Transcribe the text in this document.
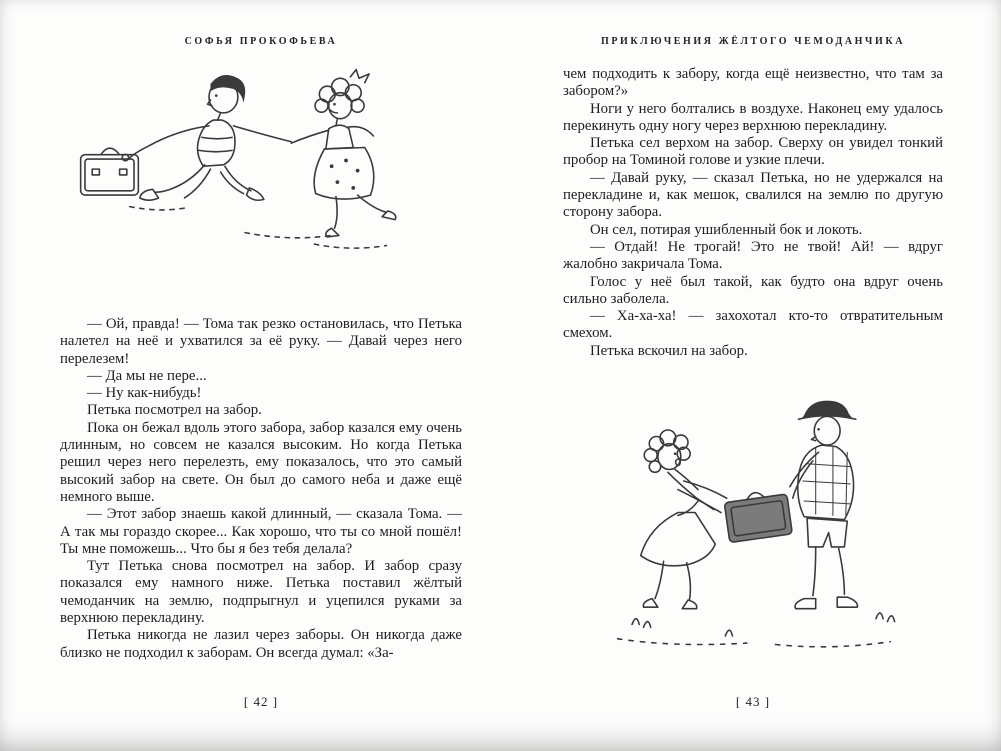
СОФЬЯ ПРОКОФЬЕВА

— Ой, правда! — Тома так резко остановилась, что Петька налетел на неё и ухватился за её руку. — Давай через него перелезем!

— Да мы не пере...

— Ну как-нибудь!

Петька посмотрел на забор.

Пока он бежал вдоль этого забора, забор казался ему очень длинным, но совсем не казался высоким. Но когда Петька решил через него перелезть, ему показалось, что это самый высокий забор на свете. Он был до самого неба и даже ещё немного выше.

— Этот забор знаешь какой длинный, — сказала Тома. — А так мы гораздо скорее... Как хорошо, что ты со мной пошёл! Ты мне поможешь... Что бы я без тебя делала?

Тут Петька снова посмотрел на забор. И забор сразу показался ему намного ниже. Петька поставил жёлтый чемоданчик на землю, подпрыгнул и уцепился руками за верхнюю перекладину.

Петька никогда не лазил через заборы. Он никогда даже близко не подходил к заборам. Он всегда думал: «За-

[ 42 ]
ПРИКЛЮЧЕНИЯ ЖЁЛТОГО ЧЕМОДАНЧИКА

чем подходить к забору, когда ещё неизвестно, что там за забором?»

Ноги у него болтались в воздухе. Наконец ему удалось перекинуть одну ногу через верхнюю перекладину.

Петька сел верхом на забор. Сверху он увидел тонкий пробор на Томиной голове и узкие плечи.

— Давай руку, — сказал Петька, но не удержался на перекладине и, как мешок, свалился на землю по другую сторону забора.

Он сел, потирая ушибленный бок и локоть.

— Отдай! Не трогай! Это не твой! Ай! — вдруг жалобно закричала Тома.

Голос у неё был такой, как будто она вдруг очень сильно заболела.

— Ха-ха-ха! — захохотал кто-то отвратительным смехом.

Петька вскочил на забор.

[ 43 ]
